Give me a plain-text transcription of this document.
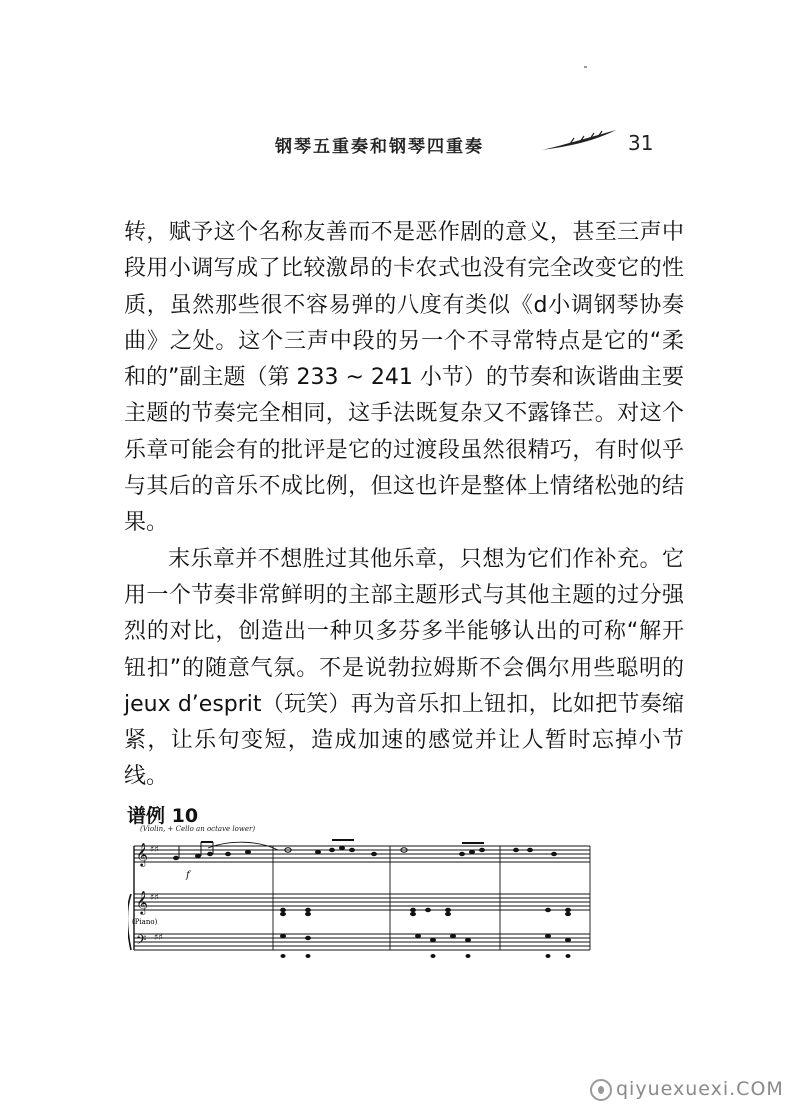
钢琴五重奏和钢琴四重奏	31

转，赋予这个名称友善而不是恶作剧的意义，甚至三声中段用小调写成了比较激昂的卡农式也没有完全改变它的性质，虽然那些很不容易弹的八度有类似《d小调钢琴协奏曲》之处。这个三声中段的另一个不寻常特点是它的“柔和的”副主题（第 233 ~ 241 小节）的节奏和诙谐曲主要主题的节奏完全相同，这手法既复杂又不露锋芒。对这个乐章可能会有的批评是它的过渡段虽然很精巧，有时似乎与其后的音乐不成比例，但这也许是整体上情绪松弛的结果。

末乐章并不想胜过其他乐章，只想为它们作补充。它用一个节奏非常鲜明的主部主题形式与其他主题的过分强烈的对比，创造出一种贝多芬多半能够认出的可称“解开钮扣”的随意气氛。不是说勃拉姆斯不会偶尔用些聪明的 jeux d’esprit（玩笑）再为音乐扣上钮扣，比如把节奏缩紧，让乐句变短，造成加速的感觉并让人暂时忘掉小节线。

谱例 10
(Violin, + Cello an octave lower)
𝄞
𝄞
𝄢
♯♯
♯♯
♯♯
f
(Piano)
qiyuexuexi.COM
